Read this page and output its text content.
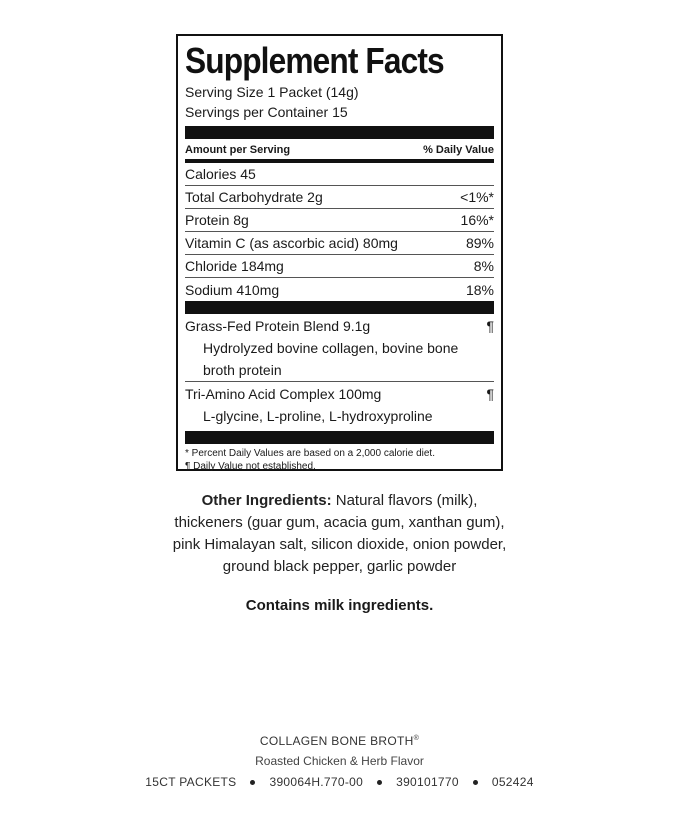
Supplement Facts
Serving Size 1 Packet (14g)
Servings per Container 15
Amount per Serving	% Daily Value
Calories 45
Total Carbohydrate 2g	<1%*
Protein 8g	16%*
Vitamin C (as ascorbic acid) 80mg	89%
Chloride 184mg	8%
Sodium 410mg	18%
Grass-Fed Protein Blend 9.1g	¶
Hydrolyzed bovine collagen, bovine bone
broth protein
Tri-Amino Acid Complex 100mg	¶
L-glycine, L-proline, L-hydroxyproline
* Percent Daily Values are based on a 2,000 calorie diet.
¶ Daily Value not established.
Other Ingredients: Natural flavors (milk),
thickeners (guar gum, acacia gum, xanthan gum),
pink Himalayan salt, silicon dioxide, onion powder,
ground black pepper, garlic powder
Contains milk ingredients.
COLLAGEN BONE BROTH®
Roasted Chicken & Herb Flavor
15CT PACKETS	390064H.770-00	390101770	052424
